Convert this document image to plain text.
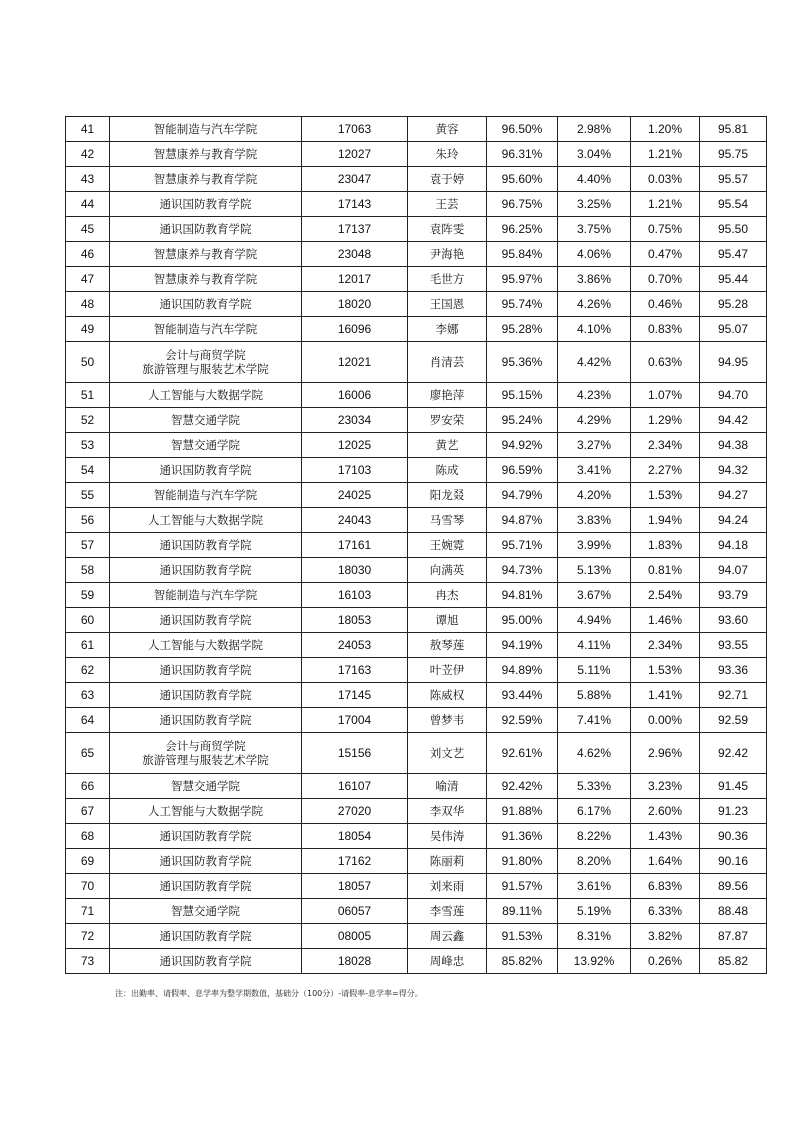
41	智能制造与汽车学院	17063	黄容	96.50%	2.98%	1.20%	95.81
42	智慧康养与教育学院	12027	朱玲	96.31%	3.04%	1.21%	95.75
43	智慧康养与教育学院	23047	袁于婷	95.60%	4.40%	0.03%	95.57
44	通识国防教育学院	17143	王芸	96.75%	3.25%	1.21%	95.54
45	通识国防教育学院	17137	袁阵雯	96.25%	3.75%	0.75%	95.50
46	智慧康养与教育学院	23048	尹海艳	95.84%	4.06%	0.47%	95.47
47	智慧康养与教育学院	12017	毛世方	95.97%	3.86%	0.70%	95.44
48	通识国防教育学院	18020	王国恩	95.74%	4.26%	0.46%	95.28
49	智能制造与汽车学院	16096	李娜	95.28%	4.10%	0.83%	95.07
50	会计与商贸学院
旅游管理与服装艺术学院	12021	肖清芸	95.36%	4.42%	0.63%	94.95
51	人工智能与大数据学院	16006	廖艳萍	95.15%	4.23%	1.07%	94.70
52	智慧交通学院	23034	罗安荣	95.24%	4.29%	1.29%	94.42
53	智慧交通学院	12025	黄艺	94.92%	3.27%	2.34%	94.38
54	通识国防教育学院	17103	陈成	96.59%	3.41%	2.27%	94.32
55	智能制造与汽车学院	24025	阳龙叕	94.79%	4.20%	1.53%	94.27
56	人工智能与大数据学院	24043	马雪琴	94.87%	3.83%	1.94%	94.24
57	通识国防教育学院	17161	王婉霓	95.71%	3.99%	1.83%	94.18
58	通识国防教育学院	18030	向满英	94.73%	5.13%	0.81%	94.07
59	智能制造与汽车学院	16103	冉杰	94.81%	3.67%	2.54%	93.79
60	通识国防教育学院	18053	谭旭	95.00%	4.94%	1.46%	93.60
61	人工智能与大数据学院	24053	敖琴莲	94.19%	4.11%	2.34%	93.55
62	通识国防教育学院	17163	叶苙伊	94.89%	5.11%	1.53%	93.36
63	通识国防教育学院	17145	陈威权	93.44%	5.88%	1.41%	92.71
64	通识国防教育学院	17004	曾梦韦	92.59%	7.41%	0.00%	92.59
65	会计与商贸学院
旅游管理与服装艺术学院	15156	刘文艺	92.61%	4.62%	2.96%	92.42
66	智慧交通学院	16107	喻清	92.42%	5.33%	3.23%	91.45
67	人工智能与大数据学院	27020	李双华	91.88%	6.17%	2.60%	91.23
68	通识国防教育学院	18054	吴伟涛	91.36%	8.22%	1.43%	90.36
69	通识国防教育学院	17162	陈丽莉	91.80%	8.20%	1.64%	90.16
70	通识国防教育学院	18057	刘来雨	91.57%	3.61%	6.83%	89.56
71	智慧交通学院	06057	李雪莲	89.11%	5.19%	6.33%	88.48
72	通识国防教育学院	08005	周云鑫	91.53%	8.31%	3.82%	87.87
73	通识国防教育学院	18028	周峰忠	85.82%	13.92%	0.26%	85.82
注：出勤率、请假率、息学率为整学期数值，基础分（100分）-请假率-息学率=得分。
